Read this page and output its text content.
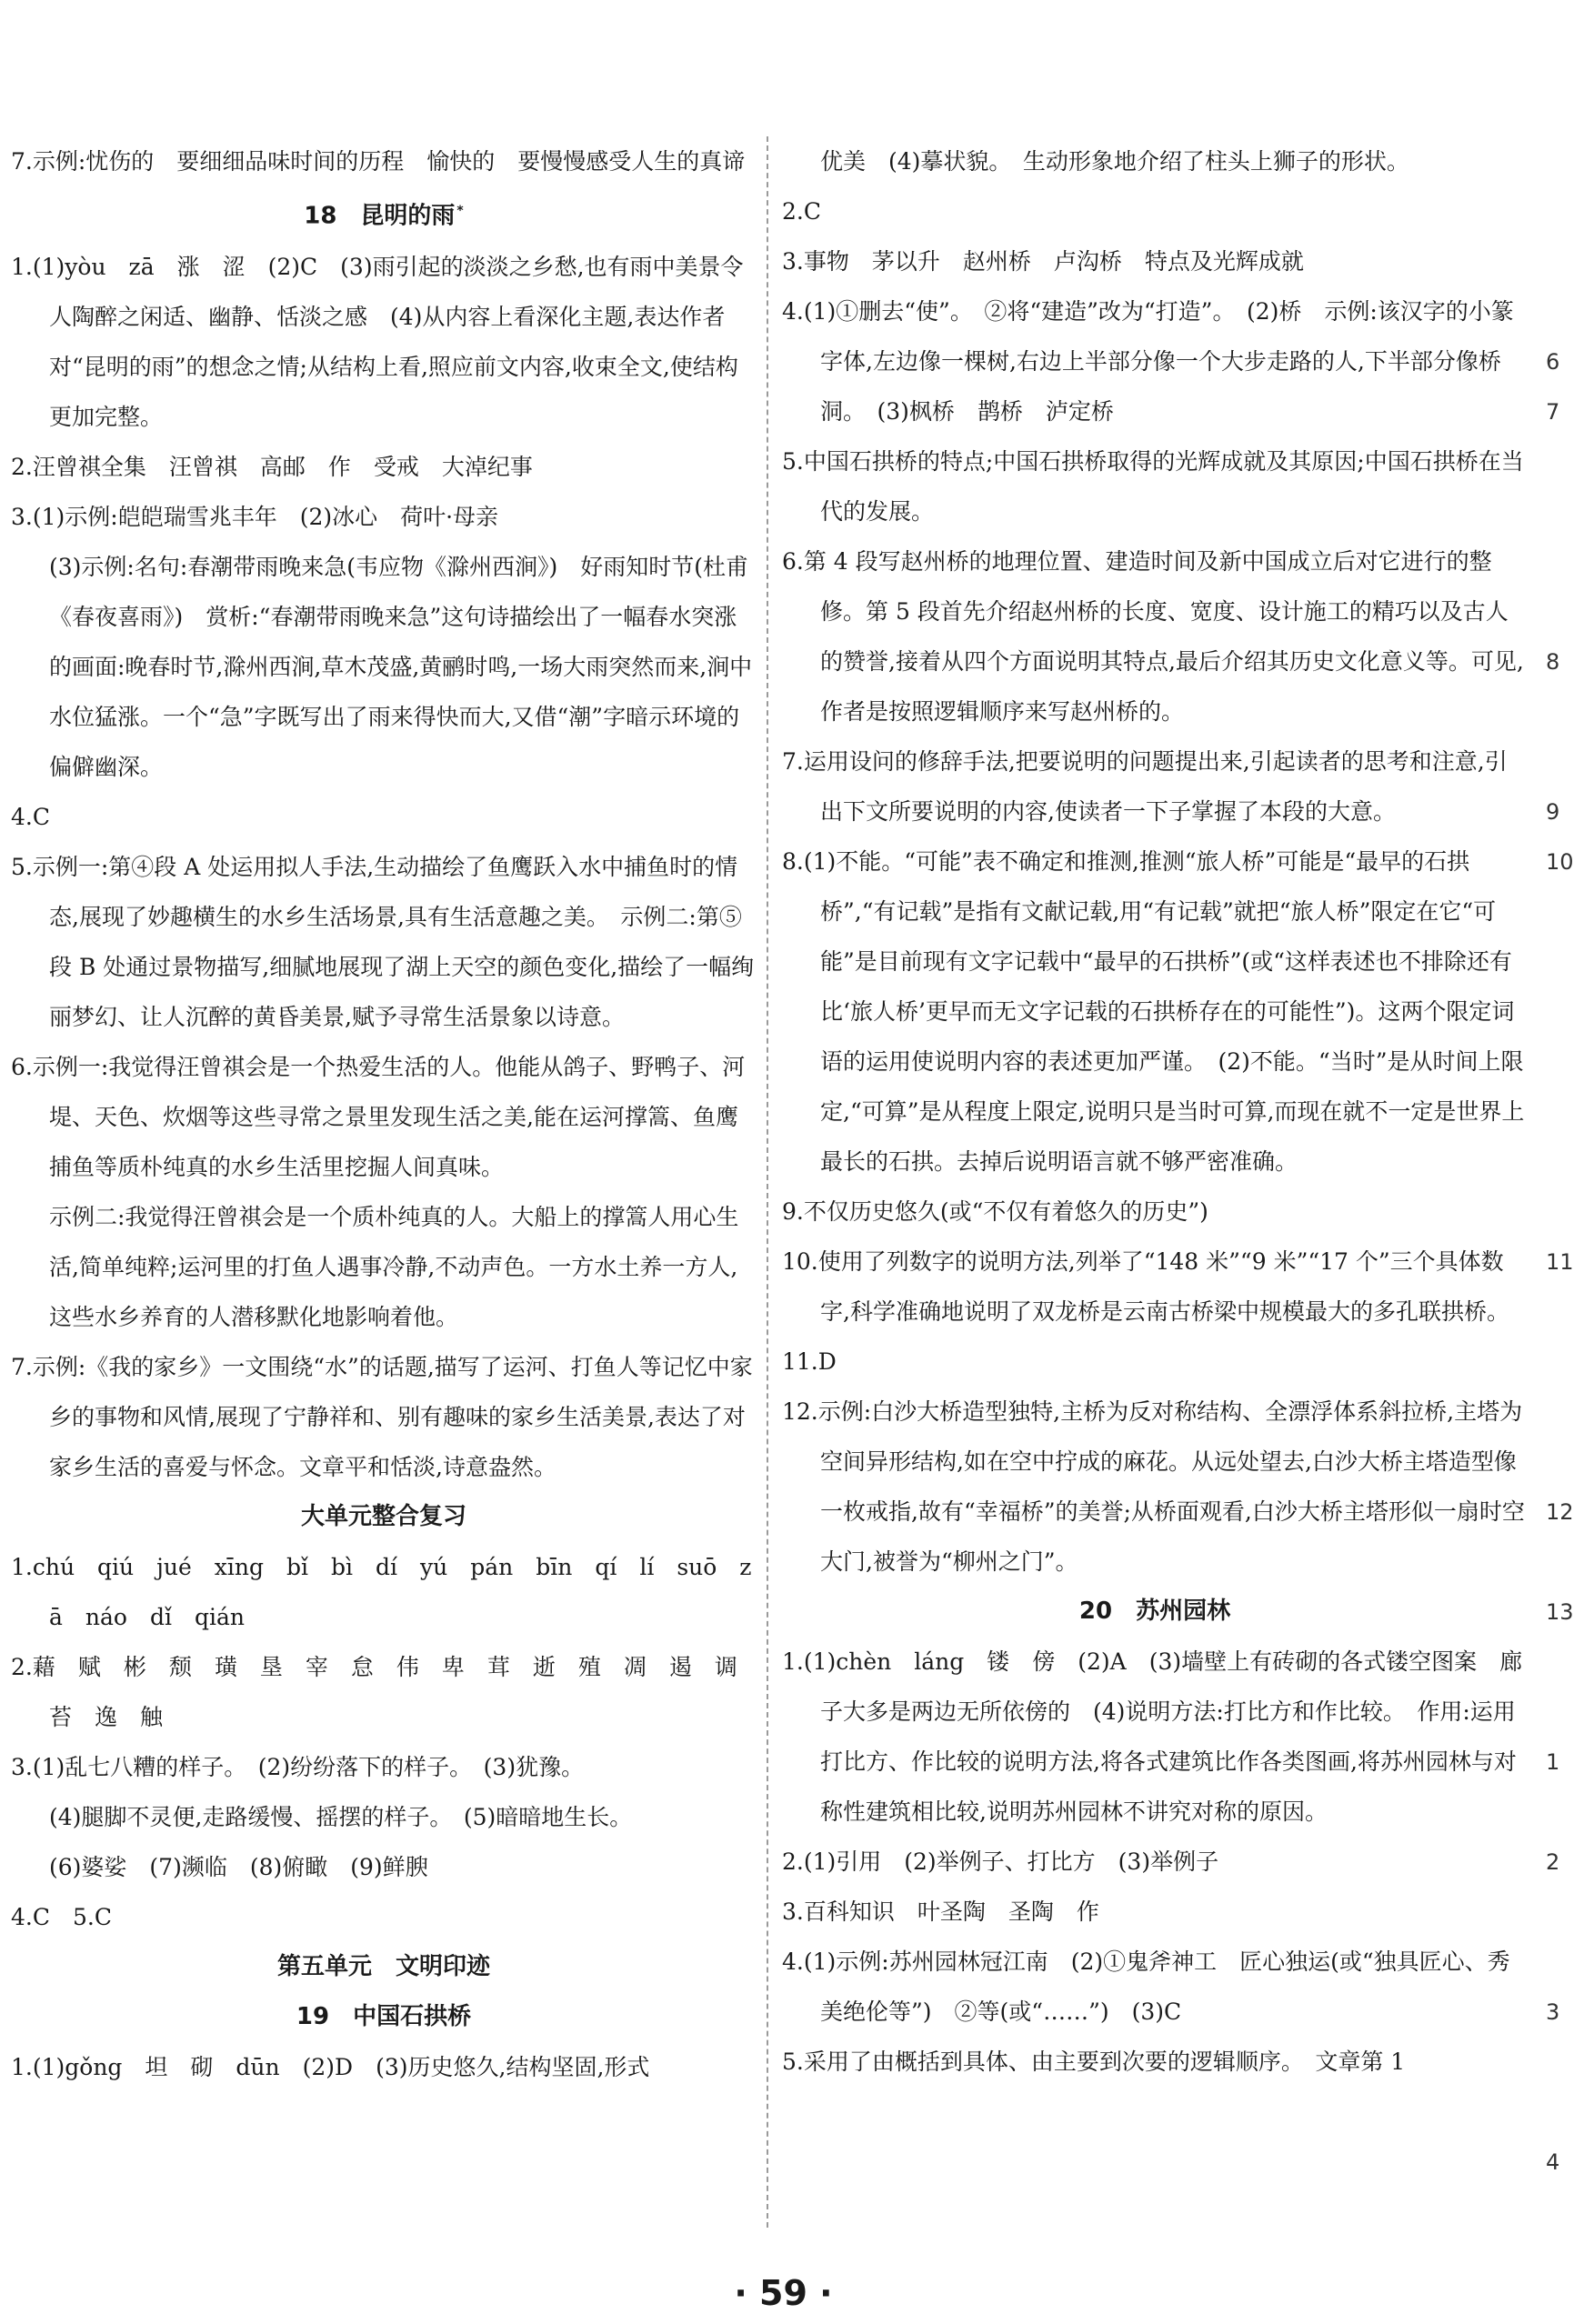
7.示例:忧伤的　要细细品味时间的历程　愉快的　要慢慢感受人生的真谛

18　昆明的雨 *

1.(1)yòu　zā　涨　涩　(2)C　(3)雨引起的淡淡之乡愁,也有雨中美景令人陶醉之闲适、幽静、恬淡之感　(4)从内容上看深化主题,表达作者对“昆明的雨”的想念之情;从结构上看,照应前文内容,收束全文,使结构更加完整。

2.汪曾祺全集　汪曾祺　高邮　作　受戒　大淖纪事

3.(1)示例:皑皑瑞雪兆丰年　(2)冰心　荷叶·母亲

(3)示例:名句:春潮带雨晚来急(韦应物《滁州西涧》)　好雨知时节(杜甫《春夜喜雨》)　赏析:“春潮带雨晚来急”这句诗描绘出了一幅春水突涨的画面:晚春时节,滁州西涧,草木茂盛,黄鹂时鸣,一场大雨突然而来,涧中水位猛涨。一个“急”字既写出了雨来得快而大,又借“潮”字暗示环境的偏僻幽深。

4.C

5.示例一:第④段 A 处运用拟人手法,生动描绘了鱼鹰跃入水中捕鱼时的情态,展现了妙趣横生的水乡生活场景,具有生活意趣之美。　示例二:第⑤段 B 处通过景物描写,细腻地展现了湖上天空的颜色变化,描绘了一幅绚丽梦幻、让人沉醉的黄昏美景,赋予寻常生活景象以诗意。

6.示例一:我觉得汪曾祺会是一个热爱生活的人。他能从鸽子、野鸭子、河堤、天色、炊烟等这些寻常之景里发现生活之美,能在运河撑篙、鱼鹰捕鱼等质朴纯真的水乡生活里挖掘人间真味。

示例二:我觉得汪曾祺会是一个质朴纯真的人。大船上的撑篙人用心生活,简单纯粹;运河里的打鱼人遇事冷静,不动声色。一方水土养一方人,这些水乡养育的人潜移默化地影响着他。

7.示例:《我的家乡》一文围绕“水”的话题,描写了运河、打鱼人等记忆中家乡的事物和风情,展现了宁静祥和、别有趣味的家乡生活美景,表达了对家乡生活的喜爱与怀念。文章平和恬淡,诗意盎然。

大单元整合复习

1.chú　qiú　jué　xīng　bǐ　bì　dí　yú　pán　bīn　qí　lí　suō　zā　náo　dǐ　qián

2.藉　赋　彬　颓　璜　垦　宰　怠　伟　卑　茸　逝　殖　凋　遏　调　苔　逸　触

3.(1)乱七八糟的样子。　(2)纷纷落下的样子。　(3)犹豫。

(4)腿脚不灵便,走路缓慢、摇摆的样子。　(5)暗暗地生长。

(6)婆娑　(7)濒临　(8)俯瞰　(9)鲜腴

4.C　5.C

第五单元　文明印迹

19　中国石拱桥

1.(1)gǒng　坦　砌　dūn　(2)D　(3)历史悠久,结构坚固,形式

优美　(4)摹状貌。　生动形象地介绍了柱头上狮子的形状。

2.C

3.事物　茅以升　赵州桥　卢沟桥　特点及光辉成就

4.(1)①删去“使”。　②将“建造”改为“打造”。　(2)桥　示例:该汉字的小篆字体,左边像一棵树,右边上半部分像一个大步走路的人,下半部分像桥洞。　(3)枫桥　鹊桥　泸定桥

5.中国石拱桥的特点;中国石拱桥取得的光辉成就及其原因;中国石拱桥在当代的发展。

6.第 4 段写赵州桥的地理位置、建造时间及新中国成立后对它进行的整修。第 5 段首先介绍赵州桥的长度、宽度、设计施工的精巧以及古人的赞誉,接着从四个方面说明其特点,最后介绍其历史文化意义等。可见,作者是按照逻辑顺序来写赵州桥的。

7.运用设问的修辞手法,把要说明的问题提出来,引起读者的思考和注意,引出下文所要说明的内容,使读者一下子掌握了本段的大意。

8.(1)不能。“可能”表不确定和推测,推测“旅人桥”可能是“最早的石拱桥”,“有记载”是指有文献记载,用“有记载”就把“旅人桥”限定在它“可能”是目前现有文字记载中“最早的石拱桥”(或“这样表述也不排除还有比‘旅人桥’更早而无文字记载的石拱桥存在的可能性”)。这两个限定词语的运用使说明内容的表述更加严谨。　(2)不能。“当时”是从时间上限定,“可算”是从程度上限定,说明只是当时可算,而现在就不一定是世界上最长的石拱。去掉后说明语言就不够严密准确。

9.不仅历史悠久(或“不仅有着悠久的历史”)

10.使用了列数字的说明方法,列举了“148 米”“9 米”“17 个”三个具体数字,科学准确地说明了双龙桥是云南古桥梁中规模最大的多孔联拱桥。

11.D

12.示例:白沙大桥造型独特,主桥为反对称结构、全漂浮体系斜拉桥,主塔为空间异形结构,如在空中拧成的麻花。从远处望去,白沙大桥主塔造型像一枚戒指,故有“幸福桥”的美誉;从桥面观看,白沙大桥主塔形似一扇时空大门,被誉为“柳州之门”。

20　苏州园林

1.(1)chèn　láng　镂　傍　(2)A　(3)墙壁上有砖砌的各式镂空图案　廊子大多是两边无所依傍的　(4)说明方法:打比方和作比较。　作用:运用打比方、作比较的说明方法,将各式建筑比作各类图画,将苏州园林与对称性建筑相比较,说明苏州园林不讲究对称的原因。

2.(1)引用　(2)举例子、打比方　(3)举例子

3.百科知识　叶圣陶　圣陶　作

4.(1)示例:苏州园林冠江南　(2)①鬼斧神工　匠心独运(或“独具匠心、秀美绝伦等”)　②等(或“……”)　(3)C

5.采用了由概括到具体、由主要到次要的逻辑顺序。　文章第 1

6
7
8
9
10
11
12
13
1
2
3
4
· 59 ·
